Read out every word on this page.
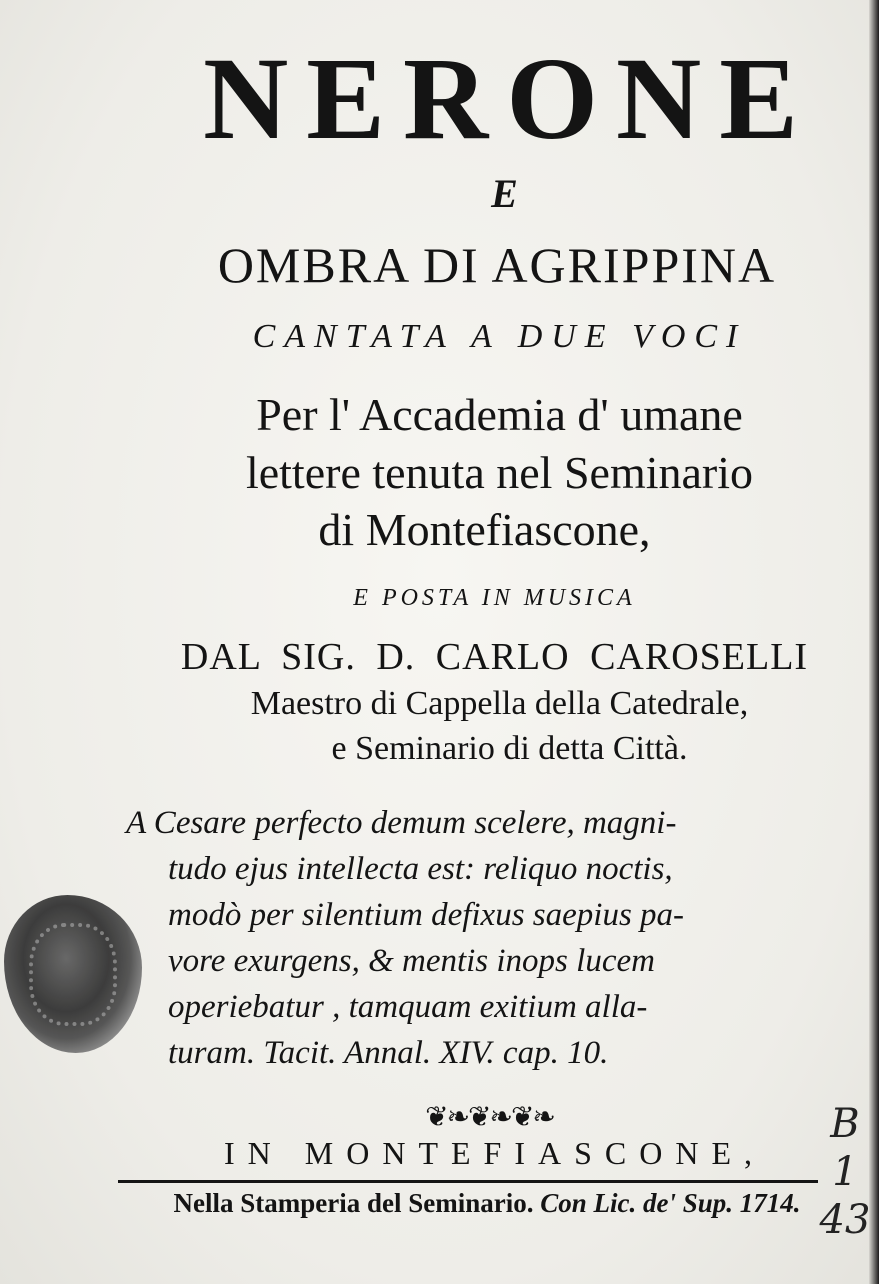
NERONE
E
OMBRA DI AGRIPPINA
CANTATA A DUE VOCI
Per l' Accademia d' umane
lettere tenuta nel Seminario
di Montefiascone,
E POSTA IN MUSICA
DAL SIG. D. CARLO CAROSELLI
Maestro di Cappella della Catedrale,
e Seminario di detta Città.
A Cesare perfecto demum scelere, magni-
tudo ejus intellecta est: reliquo noctis,
modò per silentium defixus saepius pa-
vore exurgens, & mentis inops lucem
operiebatur , tamquam exitium alla-
turam. Tacit. Annal. XIV. cap. 10.
❦❧❦❧❦❧
IN MONTEFIASCONE,
Nella Stamperia del Seminario. Con Lic. de' Sup. 1714.
B
1
43
